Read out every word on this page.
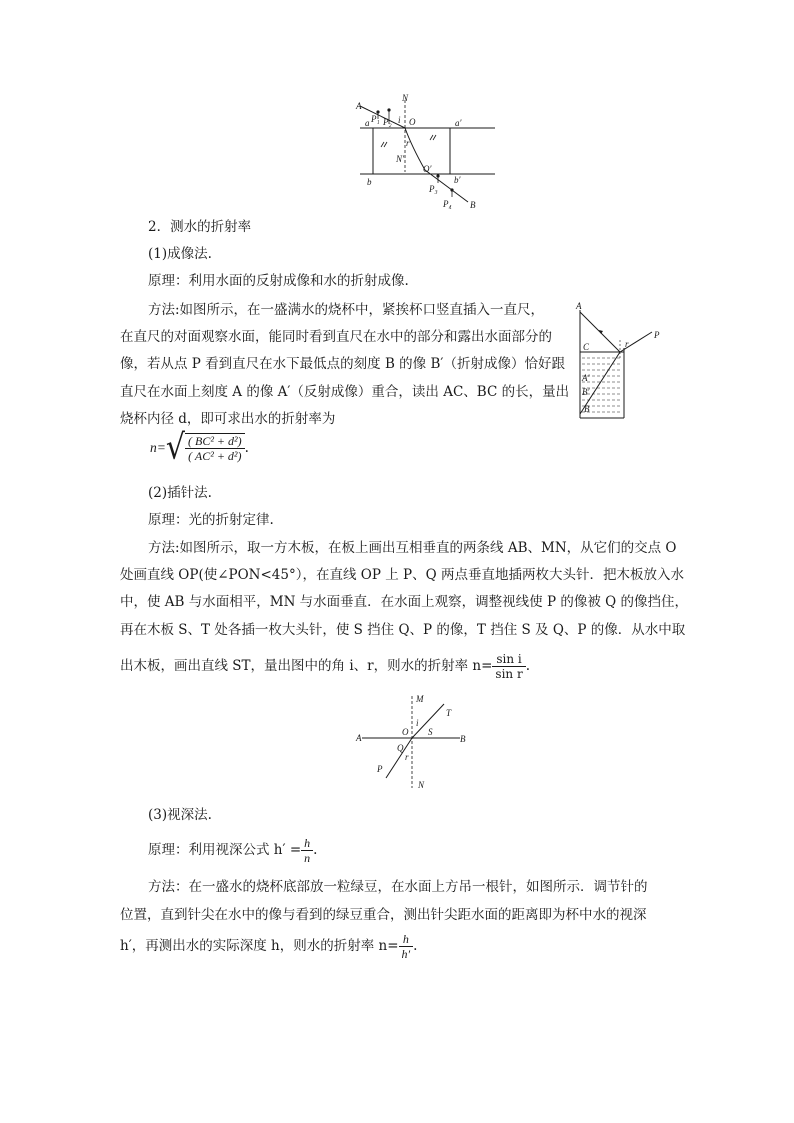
A
N
a P₁ P₂ i O	a′
r
N′
O′
b
P₃
b′
P₄ B
2．测水的折射率
(1)成像法.
原理：利用水面的反射成像和水的折射成像.
方法:如图所示，在一盛满水的烧杯中，紧挨杯口竖直插入一直尺，
在直尺的对面观察水面，能同时看到直尺在水中的部分和露出水面部分的
像，若从点 P 看到直尺在水下最低点的刻度 B 的像 B′（折射成像）恰好跟
直尺在水面上刻度 A 的像 A′（反射成像）重合，读出 AC、BC 的长，量出
烧杯内径 d，即可求出水的折射率为
n= √ $\frac{\text{( BC² + d²)}}{\text{( AC² + d²)}}$ .
A
P
C	r
A′
B′
B
(2)插针法.
原理：光的折射定律.
方法:如图所示，取一方木板，在板上画出互相垂直的两条线 AB、MN，从它们的交点 O
处画直线 OP(使∠PON<45°），在直线 OP 上 P、Q 两点垂直地插两枚大头针．把木板放入水
中，使 AB 与水面相平，MN 与水面垂直．在水面上观察，调整视线使 P 的像被 Q 的像挡住，
再在木板 S、T 处各插一枚大头针，使 S 挡住 Q、P 的像，T 挡住 S 及 Q、P 的像．从水中取
出木板，画出直线 ST，量出图中的角 i、r，则水的折射率 $n= \frac{\text{sin i}}{\text{sin r}}$ .
M
T
A
O
i
S
B
Q
r
P
N
(3)视深法.
原理：利用视深公式 $h' = \frac{h}{n}$ .
方法：在一盛水的烧杯底部放一粒绿豆，在水面上方吊一根针，如图所示．调节针的
位置，直到针尖在水中的像与看到的绿豆重合，测出针尖距水面的距离即为杯中水的视深
h′，再测出水的实际深度 h，则水的折射率 $n= \frac{h}{h'}$ .
